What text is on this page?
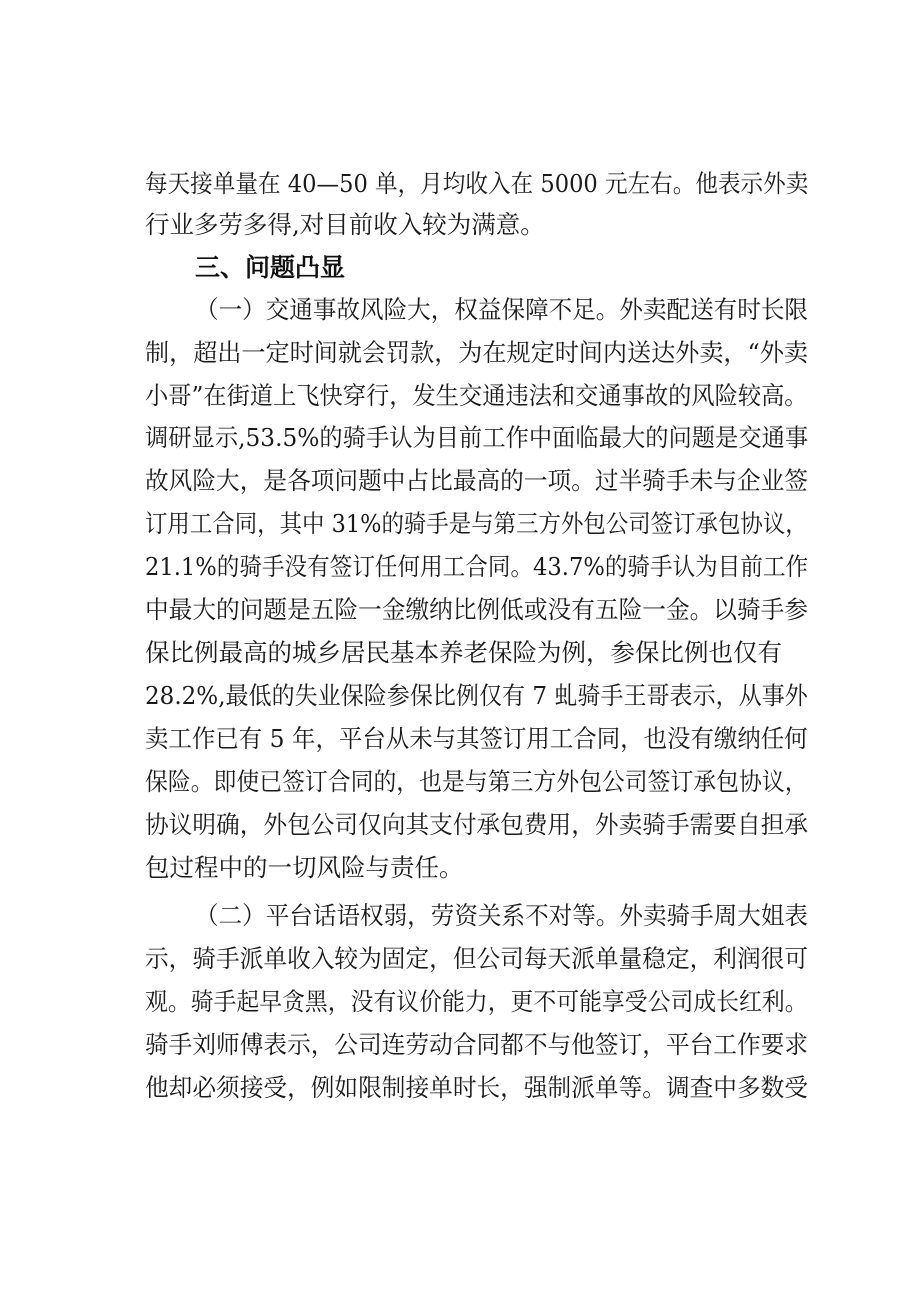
每天接单量在 40—50 单，月均收入在 5000 元左右。他表示外卖
行业多劳多得,对目前收入较为满意。
三、问题凸显
（一）交通事故风险大，权益保障不足。外卖配送有时长限
制，超出一定时间就会罚款，为在规定时间内送达外卖，“外卖
小哥”在街道上飞快穿行，发生交通违法和交通事故的风险较高。
调研显示,53.5%的骑手认为目前工作中面临最大的问题是交通事
故风险大，是各项问题中占比最高的一项。过半骑手未与企业签
订用工合同，其中 31%的骑手是与第三方外包公司签订承包协议，
21.1%的骑手没有签订任何用工合同。43.7%的骑手认为目前工作
中最大的问题是五险一金缴纳比例低或没有五险一金。以骑手参
保比例最高的城乡居民基本养老保险为例，参保比例也仅有
28.2%,最低的失业保险参保比例仅有 7 虬骑手王哥表示，从事外
卖工作已有 5 年，平台从未与其签订用工合同，也没有缴纳任何
保险。即使已签订合同的，也是与第三方外包公司签订承包协议，
协议明确，外包公司仅向其支付承包费用，外卖骑手需要自担承
包过程中的一切风险与责任。
（二）平台话语权弱，劳资关系不对等。外卖骑手周大姐表
示，骑手派单收入较为固定，但公司每天派单量稳定，利润很可
观。骑手起早贪黑，没有议价能力，更不可能享受公司成长红利。
骑手刘师傅表示，公司连劳动合同都不与他签订，平台工作要求
他却必须接受，例如限制接单时长，强制派单等。调查中多数受
